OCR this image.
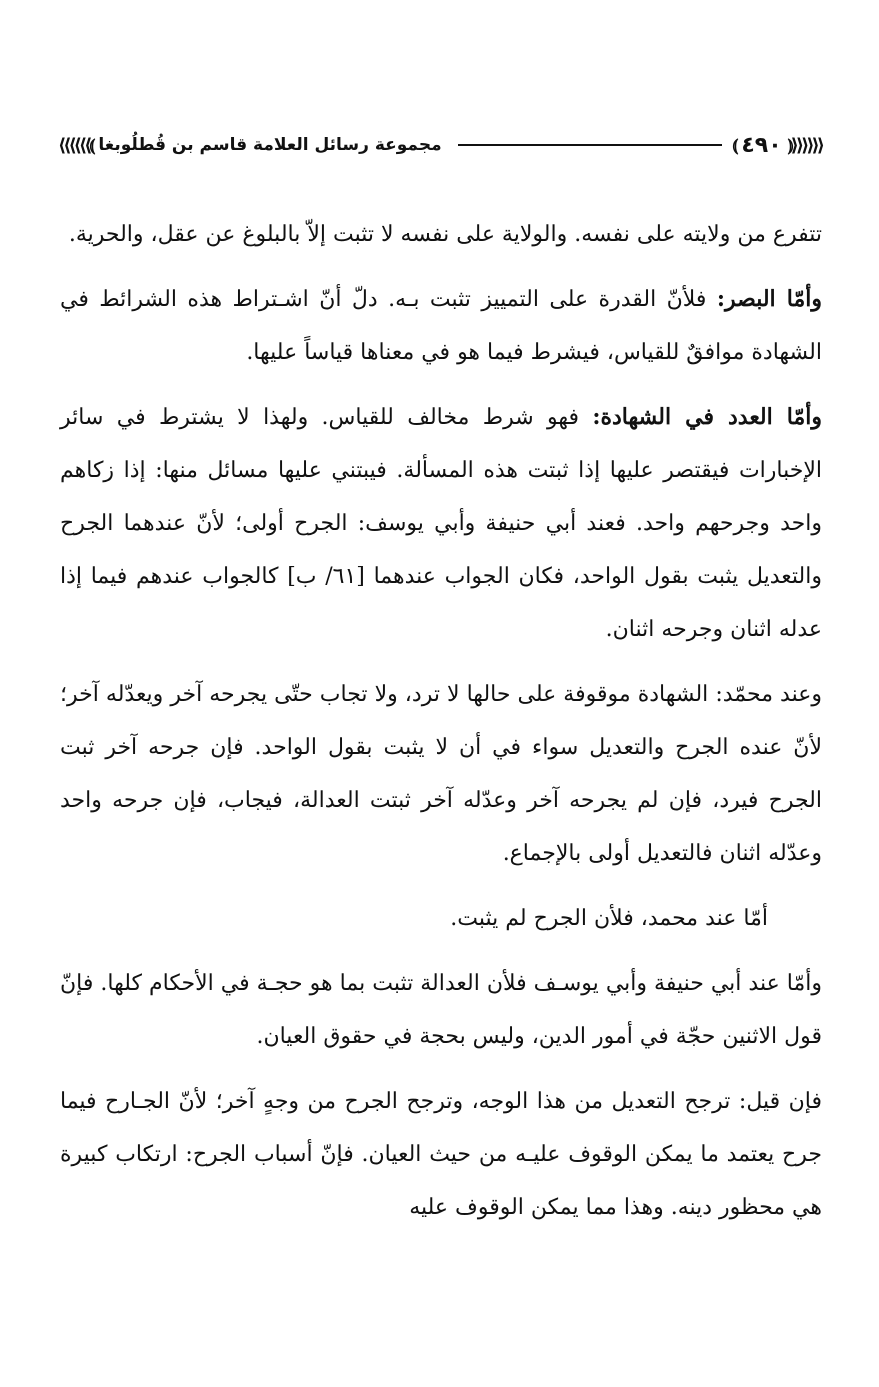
⦆⟩⟩⟩⟩⟩⟩
٤٩٠
⦅
مجموعة رسائل العلامة قاسم بن قُطلُوبغا
⟨⟨⟨⟨⟨⟨⦅

تتفرع من ولايته على نفسه. والولاية على نفسه لا تثبت إلاّ بالبلوغ عن عقل، والحرية.

وأمّا البصر: فلأنّ القدرة على التمييز تثبت بـه. دلّ أنّ اشـتراط هذه الشرائط في الشهادة موافقٌ للقياس، فيشرط فيما هو في معناها قياساً عليها.

وأمّا العدد في الشهادة: فهو شرط مخالف للقياس. ولهذا لا يشترط في سائر الإخبارات فيقتصر عليها إذا ثبتت هذه المسألة. فيبتني عليها مسائل منها: إذا زكاهم واحد وجرحهم واحد. فعند أبي حنيفة وأبي يوسف: الجرح أولى؛ لأنّ عندهما الجرح والتعديل يثبت بقول الواحد، فكان الجواب عندهما [٦١/ ب] كالجواب عندهم فيما إذا عدله اثنان وجرحه اثنان.

وعند محمّد: الشهادة موقوفة على حالها لا ترد، ولا تجاب حتّى يجرحه آخر ويعدّله آخر؛ لأنّ عنده الجرح والتعديل سواء في أن لا يثبت بقول الواحد. فإن جرحه آخر ثبت الجرح فيرد، فإن لم يجرحه آخر وعدّله آخر ثبتت العدالة، فيجاب، فإن جرحه واحد وعدّله اثنان فالتعديل أولى بالإجماع.

أمّا عند محمد، فلأن الجرح لم يثبت.

وأمّا عند أبي حنيفة وأبي يوسـف فلأن العدالة تثبت بما هو حجـة في الأحكام كلها. فإنّ قول الاثنين حجّة في أمور الدين، وليس بحجة في حقوق العيان.

فإن قيل: ترجح التعديل من هذا الوجه، وترجح الجرح من وجهٍ آخر؛ لأنّ الجـارح فيما جرح يعتمد ما يمكن الوقوف عليـه من حيث العيان. فإنّ أسباب الجرح: ارتكاب كبيرة هي محظور دينه. وهذا مما يمكن الوقوف عليه
